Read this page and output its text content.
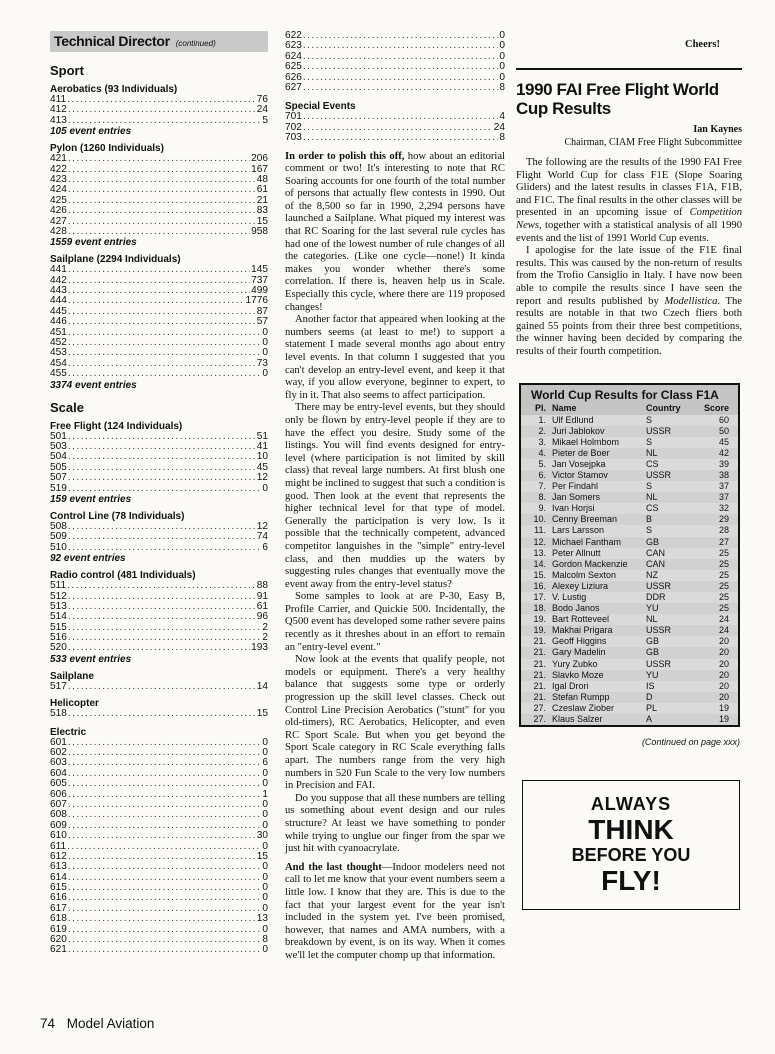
Technical Director (continued)
Sport
Aerobatics (93 Individuals)
411 .....	76
412 .....	24
413 .....	5
105 event entries
Pylon (1260 Individuals)
421 .....	206
422 .....	167
423 .....	48
424 .....	61
425 .....	21
426 .....	83
427 .....	15
428 .....	958
1559 event entries
Sailplane (2294 Individuals)
441 .....	145
442 .....	737
443 .....	499
444 .....	1776
445 .....	87
446 .....	57
451 .....	0
452 .....	0
453 .....	0
454 .....	73
455 .....	0
3374 event entries
Scale
Free Flight (124 Individuals)
501 .....	51
503 .....	41
504 .....	10
505 .....	45
507 .....	12
519 .....	0
159 event entries
Control Line (78 Individuals)
508 .....	12
509 .....	74
510 .....	6
92 event entries
Radio control (481 Individuals)
511 .....	88
512 .....	91
513 .....	61
514 .....	96
515 .....	2
516 .....	2
520 .....	193
533 event entries
Sailplane
517 .....	14
Helicopter
518 .....	15
Electric
601 .....	0
602 .....	0
603 .....	6
604 .....	0
605 .....	0
606 .....	1
607 .....	0
608 .....	0
609 .....	0
610 .....	30
611 .....	0
612 .....	15
613 .....	0
614 .....	0
615 .....	0
616 .....	0
617 .....	0
618 .....	13
619 .....	0
620 .....	8
621 .....	0
622 .....	0
623 .....	0
624 .....	0
625 .....	0
626 .....	0
627 .....	8
Special Events
701 .....	4
702 .....	24
703 .....	8

In order to polish this off, how about an editorial comment or two! It's interesting to note that RC Soaring accounts for one fourth of the total number of persons that actually flew contests in 1990. Out of the 8,500 so far in 1990, 2,294 persons have launched a Sailplane. What piqued my interest was that RC Soaring for the last several rule cycles has had one of the lowest number of rule changes of all the categories. (Like one cycle—none!) It kinda makes you wonder whether there's some correlation. If there is, heaven help us in Scale. Especially this cycle, where there are 119 proposed changes!

Another factor that appeared when looking at the numbers seems (at least to me!) to support a statement I made several months ago about entry level events. In that column I suggested that you can't develop an entry-level event, and keep it that way, if you allow everyone, beginner to expert, to fly in it. That also seems to affect participation.

There may be entry-level events, but they should only be flown by entry-level people if they are to have the effect you desire. Study some of the listings. You will find events designed for entry-level (where participation is not limited by skill class) that reveal large numbers. At first blush one might be inclined to suggest that such a condition is good. Then look at the event that represents the higher technical level for that type of model. Generally the participation is very low. Is it possible that the technically competent, advanced competitor languishes in the "simple" entry-level class, and then muddies up the waters by suggesting rules changes that eventually move the event away from the entry-level status?

Some samples to look at are P-30, Easy B, Profile Carrier, and Quickie 500. Incidentally, the Q500 event has developed some rather severe pains recently as it threshes about in an effort to remain an "entry-level event."

Now look at the events that qualify people, not models or equipment. There's a very healthy balance that suggests some type or orderly progression up the skill level classes. Check out Control Line Precision Aerobatics ("stunt" for you old-timers), RC Aerobatics, Helicopter, and even RC Sport Scale. But when you get beyond the Sport Scale category in RC Scale everything falls apart. The numbers range from the very high numbers in 520 Fun Scale to the very low numbers in Precision and FAI.

Do you suppose that all these numbers are telling us something about event design and our rules structure? At least we have something to ponder while trying to unglue our finger from the spar we just hit with cyanoacrylate.

And the last thought—Indoor modelers need not call to let me know that your event numbers seem a little low. I know that they are. This is due to the fact that your largest event for the year isn't included in the system yet. I've been promised, however, that names and AMA numbers, with a breakdown by event, is on its way. When it comes we'll let the computer chomp up that information.

Cheers!
1990 FAI Free Flight World Cup Results
Ian Kaynes
Chairman, CIAM Free Flight Subcommittee

The following are the results of the 1990 FAI Free Flight World Cup for class F1E (Slope Soaring Gliders) and the latest results in classes F1A, F1B, and F1C. The final results in the other classes will be presented in an upcoming issue of Competition News, together with a statistical analysis of all 1990 events and the list of 1991 World Cup events.

I apologise for the late issue of the F1E final results. This was caused by the non-return of results from the Trofio Cansiglio in Italy. I have now been able to compile the results since I have seen the report and results published by Modellistica. The results are notable in that two Czech fliers both gained 55 points from their three best competitions, the winner having been decided by comparing the results of their fourth competition.

World Cup Results for Class F1A
Pl. Name	Country	Score
1. Ulf Edlund	S	60
2. Juri Jablokov	USSR	50
3. Mikael Holmbom	S	45
4. Pieter de Boer	NL	42
5. Jan Vosejpka	CS	39
6. Victor Stamov	USSR	38
7. Per Findahl	S	37
8. Jan Somers	NL	37
9. Ivan Horjsi	CS	32
10. Cenny Breeman	B	29
11. Lars Larsson	S	28
12. Michael Fantham	GB	27
13. Peter Allnutt	CAN	25
14. Gordon Mackenzie	CAN	25
15. Malcolm Sexton	NZ	25
16. Alexey Liziura	USSR	25
17. V. Lustig	DDR	25
18. Bodo Janos	YU	25
19. Bart Rotteveel	NL	24
19. Makhai Prigara	USSR	24
21. Geoff Higgins	GB	20
21. Gary Madelin	GB	20
21. Yury Zubko	USSR	20
21. Slavko Moze	YU	20
21. Igal Drori	IS	20
21. Stefan Rumpp	D	20
27. Czeslaw Ziober	PL	19
27. Klaus Salzer	A	19
(Continued on page xxx)
ALWAYS
THINK
BEFORE YOU
FLY!
74 Model Aviation
